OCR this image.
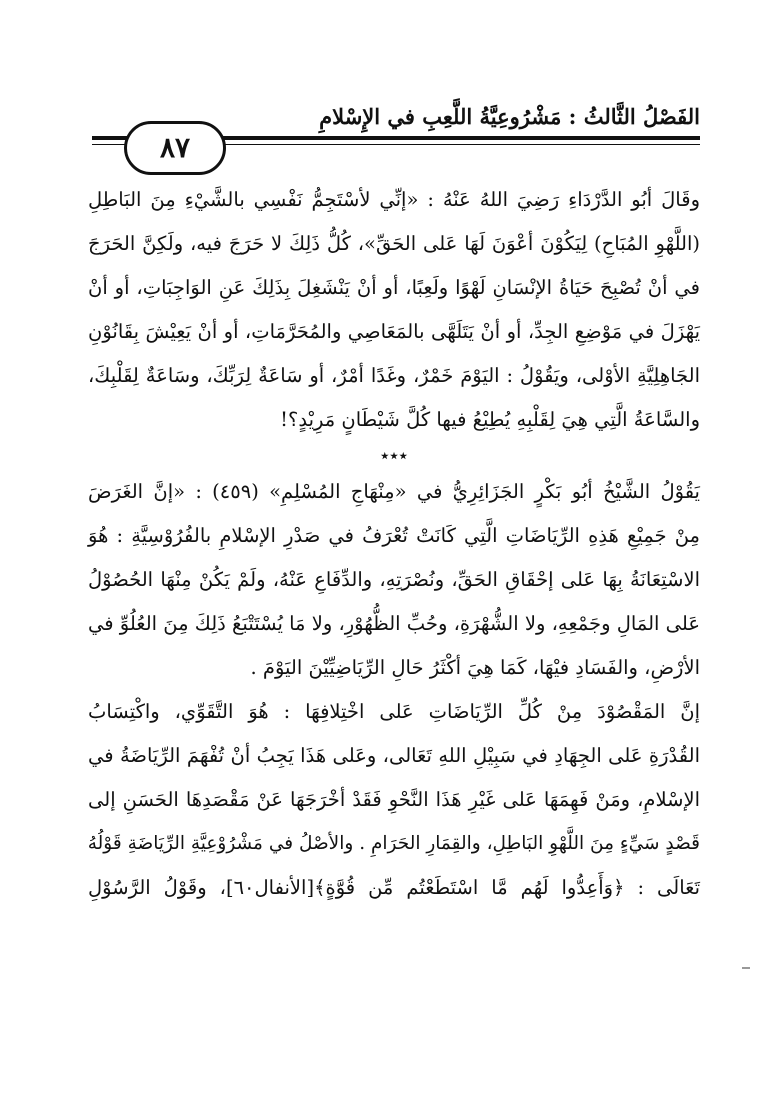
الفَصْلُ الثَّالثُ : مَشْرُوعِيَّةُ اللَّعِبِ في الإِسْلامِ
٨٧
وقَالَ أبُو الدَّرْدَاءِ رَضِيَ اللهُ عَنْهُ : «إنِّي لأسْتَجِمُّ نَفْسِي بالشَّيْءِ مِنَ البَاطِلِ
(اللَّهْوِ المُبَاحِ) لِيَكُوْنَ أعْوَنَ لَهَا عَلى الحَقِّ»، كُلُّ ذَلِكَ لا حَرَجَ فيه، ولَكِنَّ الحَرَجَ
في أنْ تُصْبِحَ حَيَاةُ الإنْسَانِ لَهْوًا ولَعِبًا، أو أنْ يَنْشَغِلَ بِذَلِكَ عَنِ الوَاجِبَاتِ، أو أنْ
يَهْزَلَ في مَوْضِعِ الجِدِّ، أو أنْ يَتَلَهَّى بالمَعَاصِي والمُحَرَّمَاتِ، أو أنْ يَعِيْشَ بِقَانُوْنِ
الجَاهِلِيَّةِ الأوْلى، ويَقُوْلُ : اليَوْمَ خَمْرٌ، وغَدًا أمْرٌ، أو سَاعَةٌ لِرَبِّكَ، وسَاعَةٌ لِقَلْبِكَ،
والسَّاعَةُ الَّتِي هِيَ لِقَلْبِهِ يُطِيْعُ فيها كُلَّ شَيْطَانٍ مَرِيْدٍ؟!
٭٭٭
يَقُوْلُ الشَّيْخُ أبُو بَكْرٍ الجَزَائِرِيُّ في «مِنْهَاجِ المُسْلِمِ» (٤٥٩) : «إنَّ الغَرَضَ
مِنْ جَمِيْعِ هَذِهِ الرِّيَاضَاتِ الَّتِي كَانَتْ تُعْرَفُ في صَدْرِ الإسْلامِ بالفُرُوْسِيَّةِ : هُوَ
الاسْتِعَانَةُ بِهَا عَلى إحْقَاقِ الحَقِّ، ونُصْرَتِهِ، والدِّفَاعِ عَنْهُ، ولَمْ يَكُنْ مِنْهَا الحُصُوْلُ
عَلى المَالِ وجَمْعِهِ، ولا الشُّهْرَةِ، وحُبِّ الظُّهُوْرِ، ولا مَا يُسْتَتْبَعُ ذَلِكَ مِنَ العُلُوِّ في
الأرْضِ، والفَسَادِ فيْهَا، كَمَا هِيَ أكْثَرُ حَالِ الرِّيَاضِيِّيْنَ اليَوْمَ .
إنَّ المَقْصُوْدَ مِنْ كُلِّ الرِّيَاضَاتِ عَلى اخْتِلافِهَا : هُوَ التَّقَوِّي، واكْتِسَابُ
القُدْرَةِ عَلى الجِهَادِ في سَبِيْلِ اللهِ تَعَالى، وعَلى هَذَا يَجِبُ أنْ تُفْهَمَ الرِّيَاضَةُ في
الإسْلامِ، ومَنْ فَهِمَهَا عَلى غَيْرِ هَذَا النَّحْوِ فَقَدْ أخْرَجَهَا عَنْ مَقْصَدِهَا الحَسَنِ إلى
قَصْدٍ سَيِّءٍ مِنَ اللَّهْوِ البَاطِلِ، والقِمَارِ الحَرَامِ . والأصْلُ في مَشْرُوْعِيَّةِ الرِّيَاضَةِ قَوْلُهُ
تَعَالَى : ﴿وَأَعِدُّوا لَهُم مَّا اسْتَطَعْتُم مِّن قُوَّةٍ﴾[الأنفال٦٠]، وقَوْلُ الرَّسُوْلِ
